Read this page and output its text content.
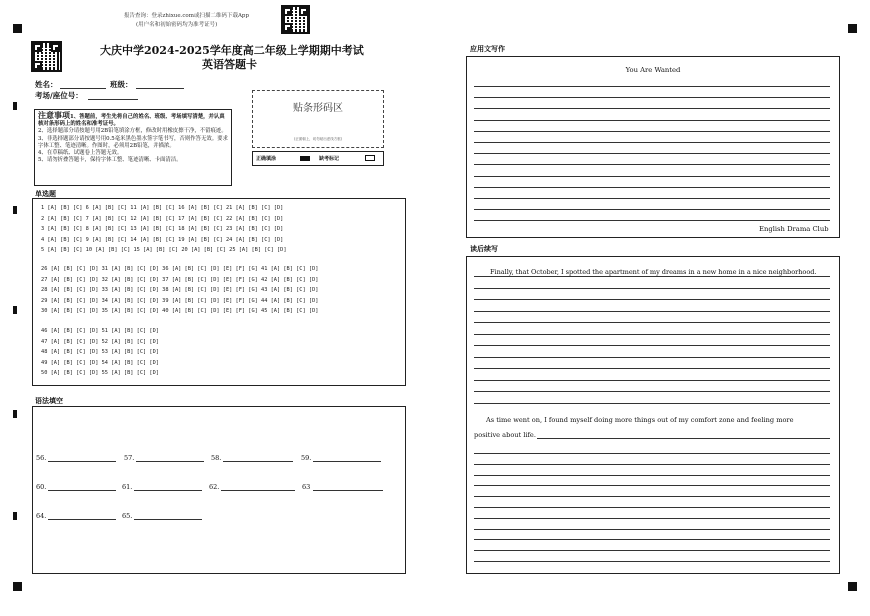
报告查询：登录zhixue.com或扫描二维码下载App
(用户名和初始密码均为准考证号)
大庆中学2024-2025学年度高二年级上学期期中考试
英语答题卡
姓名：	班级：
考场/座位号：
贴条形码区
(正面朝上，切勿贴出虚线方框)
注意事项1、答题前，考生先将自己的姓名、班级、考场填写清楚，并认真核对条形码上的姓名和准考证号。
2、选择题部分请按题号用2B铅笔填涂方框，修改时用橡皮擦干净，不留痕迹。
3、非选择题部分请按题号用0.5毫米黑色墨水签字笔书写，否则作答无效。要求字体工整、笔迹清晰。作图时，必须用2B铅笔，并描浓。
4、在草稿纸、试题卷上答题无效。
5、请勿折叠答题卡，保持字体工整、笔迹清晰、卡面清洁。	正确填涂	缺考标记
单选题
1 [A] [B] [C] 6 [A] [B] [C] 11 [A] [B] [C] 16 [A] [B] [C] 21 [A] [B] [C] [D]
2 [A] [B] [C] 7 [A] [B] [C] 12 [A] [B] [C] 17 [A] [B] [C] 22 [A] [B] [C] [D]
3 [A] [B] [C] 8 [A] [B] [C] 13 [A] [B] [C] 18 [A] [B] [C] 23 [A] [B] [C] [D]
4 [A] [B] [C] 9 [A] [B] [C] 14 [A] [B] [C] 19 [A] [B] [C] 24 [A] [B] [C] [D]
5 [A] [B] [C] 10 [A] [B] [C] 15 [A] [B] [C] 20 [A] [B] [C] 25 [A] [B] [C] [D]
26 [A] [B] [C] [D] 31 [A] [B] [C] [D] 36 [A] [B] [C] [D] [E] [F] [G] 41 [A] [B] [C] [D]
27 [A] [B] [C] [D] 32 [A] [B] [C] [D] 37 [A] [B] [C] [D] [E] [F] [G] 42 [A] [B] [C] [D]
28 [A] [B] [C] [D] 33 [A] [B] [C] [D] 38 [A] [B] [C] [D] [E] [F] [G] 43 [A] [B] [C] [D]
29 [A] [B] [C] [D] 34 [A] [B] [C] [D] 39 [A] [B] [C] [D] [E] [F] [G] 44 [A] [B] [C] [D]
30 [A] [B] [C] [D] 35 [A] [B] [C] [D] 40 [A] [B] [C] [D] [E] [F] [G] 45 [A] [B] [C] [D]
46 [A] [B] [C] [D] 51 [A] [B] [C] [D]
47 [A] [B] [C] [D] 52 [A] [B] [C] [D]
48 [A] [B] [C] [D] 53 [A] [B] [C] [D]
49 [A] [B] [C] [D] 54 [A] [B] [C] [D]
50 [A] [B] [C] [D] 55 [A] [B] [C] [D]
语法填空
56.	57.	58.	59.
60.	61.	62.	63
64.	65.
应用文写作
You Are Wanted
English Drama Club
读后续写
Finally, that October, I spotted the apartment of my dreams in a new home in a nice neighborhood.
As time went on, I found myself doing more things out of my comfort zone and feeling more
positive about life.
